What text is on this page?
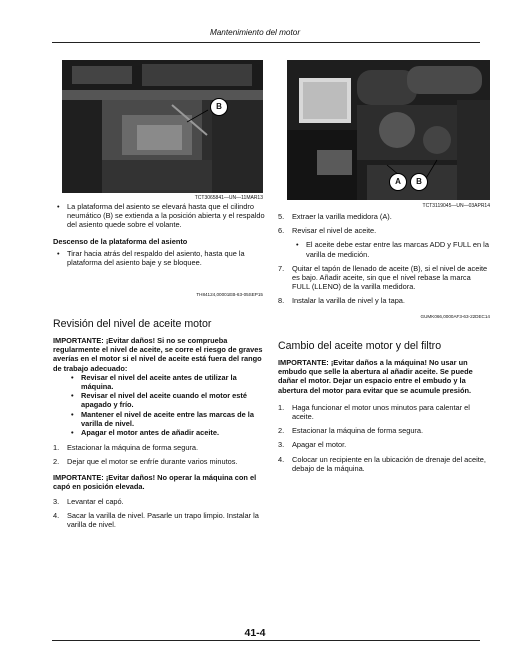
Mantenimiento del motor
B
TCT3065841—UN—11MAR13

• La plataforma del asiento se elevará hasta que el cilindro neumático (B) se extienda a la posición abierta y el respaldo del asiento quede sobre el volante.

Descenso de la plataforma del asiento

• Tirar hacia atrás del respaldo del asiento, hasta que la plataforma del asiento baje y se bloquee.

TH84124,00001EB-63-05SEP15
Revisión del nivel de aceite motor
IMPORTANTE: ¡Evitar daños! Si no se comprueba regularmente el nivel de aceite, se corre el riesgo de graves averías en el motor si el nivel de aceite está fuera del rango de trabajo adecuado:

• Revisar el nivel del aceite antes de utilizar la máquina.

• Revisar el nivel del aceite cuando el motor esté apagado y frío.

• Mantener el nivel de aceite entre las marcas de la varilla de nivel.

• Apagar el motor antes de añadir aceite.

1. Estacionar la máquina de forma segura.
2. Dejar que el motor se enfríe durante varios minutos.
IMPORTANTE: ¡Evitar daños! No operar la máquina con el capó en posición elevada.
3. Levantar el capó.
4. Sacar la varilla de nivel. Pasarle un trapo limpio. Instalar la varilla de nivel.
A	B
TCT3119045—UN—03APR14
5. Extraer la varilla medidora (A).
6. Revisar el nivel de aceite.

• El aceite debe estar entre las marcas ADD y FULL en la varilla de medición.

7. Quitar el tapón de llenado de aceite (B), si el nivel de aceite es bajo. Añadir aceite, sin que el nivel rebase la marca FULL (LLENO) de la varilla medidora.
8. Instalar la varilla de nivel y la tapa.
GUMK066,0000AF3-63-22DEC14
Cambio del aceite motor y del filtro
IMPORTANTE: ¡Evitar daños a la máquina! No usar un embudo que selle la abertura al añadir aceite. Se puede dañar el motor. Dejar un espacio entre el embudo y la abertura del motor para evitar que se acumule presión.
1. Haga funcionar el motor unos minutos para calentar el aceite.
2. Estacionar la máquina de forma segura.
3. Apagar el motor.
4. Colocar un recipiente en la ubicación de drenaje del aceite, debajo de la máquina.
41-4
